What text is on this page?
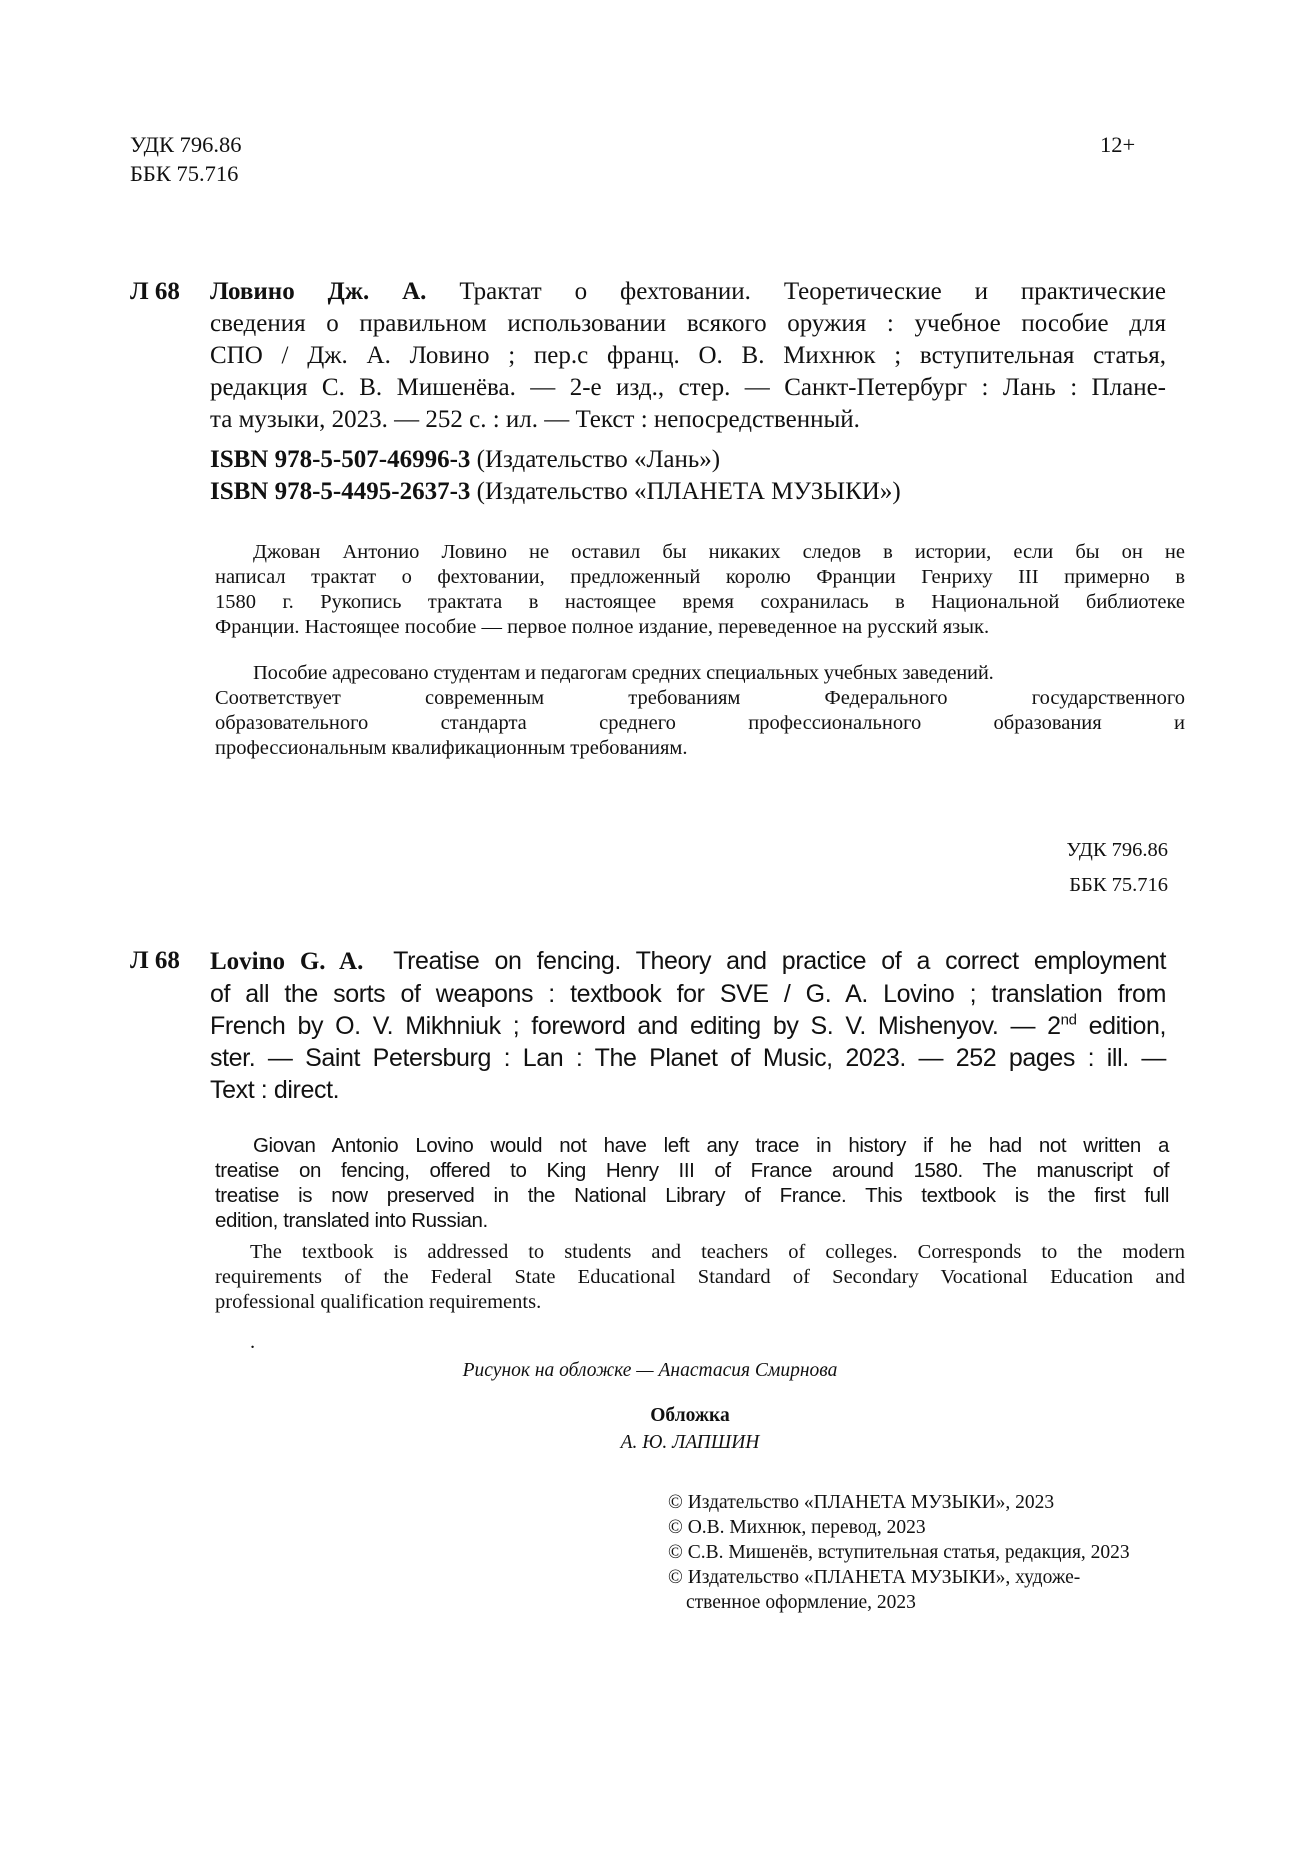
УДК 796.86
ББК 75.716
12+
Л 68 Ловино Дж. А. Трактат о фехтовании. Теоретические и практические
сведения о правильном использовании всякого оружия : учебное пособие для
СПО / Дж. А. Ловино ; пер.с франц. О. В. Михнюк ; вступительная статья,
редакция С. В. Мишенёва. — 2-е изд., стер. — Санкт-Петербург : Лань : Плане-
та музыки, 2023. — 252 с. : ил. — Текст : непосредственный.
ISBN 978-5-507-46996-3 (Издательство «Лань»)
ISBN 978-5-4495-2637-3 (Издательство «ПЛАНЕТА МУЗЫКИ»)
Джован Антонио Ловино не оставил бы никаких следов в истории, если бы он не
написал трактат о фехтовании, предложенный королю Франции Генриху III примерно в
1580 г. Рукопись трактата в настоящее время сохранилась в Национальной библиотеке
Франции. Настоящее пособие — первое полное издание, переведенное на русский язык.
Пособие адресовано студентам и педагогам средних специальных учебных заведений.
Соответствует современным требованиям Федерального государственного
образовательного стандарта среднего профессионального образования и
профессиональным квалификационным требованиям.
УДК 796.86
ББК 75.716
Л 68 Lovino G. A. Treatise on fencing. Theory and practice of a correct employment
of all the sorts of weapons : textbook for SVE / G. A. Lovino ; translation from
French by O. V. Mikhniuk ; foreword and editing by S. V. Mishenyov. — 2nd edition,
ster. — Saint Petersburg : Lan : The Planet of Music, 2023. — 252 pages : ill. —
Text : direct.
Giovan Antonio Lovino would not have left any trace in history if he had not written a
treatise on fencing, offered to King Henry III of France around 1580. The manuscript of
treatise is now preserved in the National Library of France. This textbook is the first full
edition, translated into Russian.
The textbook is addressed to students and teachers of colleges. Corresponds to the modern
requirements of the Federal State Educational Standard of Secondary Vocational Education and
professional qualification requirements.
.
Рисунок на обложке — Анастасия Смирнова
Обложка
А. Ю. ЛАПШИН
© Издательство «ПЛАНЕТА МУЗЫКИ», 2023
© О.В. Михнюк, перевод, 2023
© С.В. Мишенёв, вступительная статья, редакция, 2023
© Издательство «ПЛАНЕТА МУЗЫКИ», художе-
ственное оформление, 2023
